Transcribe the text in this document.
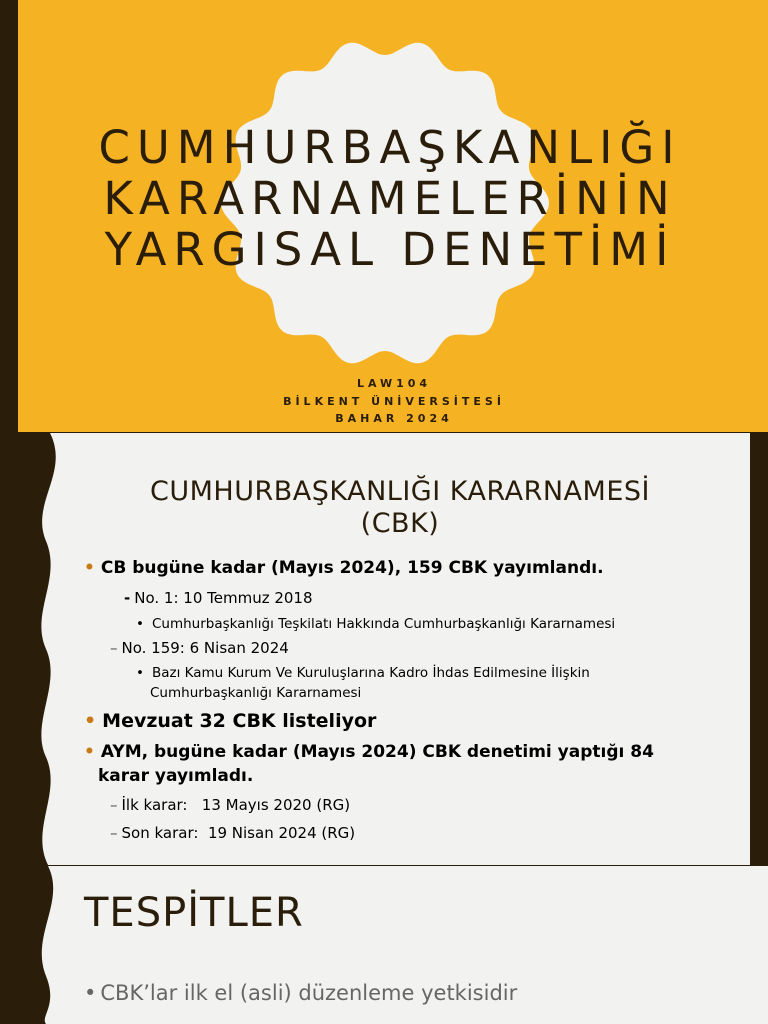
CUMHURBAŞKANLIĞI
KARARNAMELERİNİN
YARGISAL DENETİMİ
LAW104
BİLKENT ÜNİVERSİTESİ
BAHAR 2024
CUMHURBAŞKANLIĞI KARARNAMESİ
(CBK)
• CB bugüne kadar (Mayıs 2024), 159 CBK yayımlandı.
- No. 1: 10 Temmuz 2018
• Cumhurbaşkanlığı Teşkilatı Hakkında Cumhurbaşkanlığı Kararnamesi
– No. 159: 6 Nisan 2024
• Bazı Kamu Kurum Ve Kuruluşlarına Kadro İhdas Edilmesine İlişkin
Cumhurbaşkanlığı Kararnamesi
• Mevzuat 32 CBK listeliyor
• AYM, bugüne kadar (Mayıs 2024) CBK denetimi yaptığı 84
karar yayımladı.
– İlk karar:   13 Mayıs 2020 (RG)
– Son karar:  19 Nisan 2024 (RG)
TESPİTLER
• CBK’lar ilk el (asli) düzenleme yetkisidir
